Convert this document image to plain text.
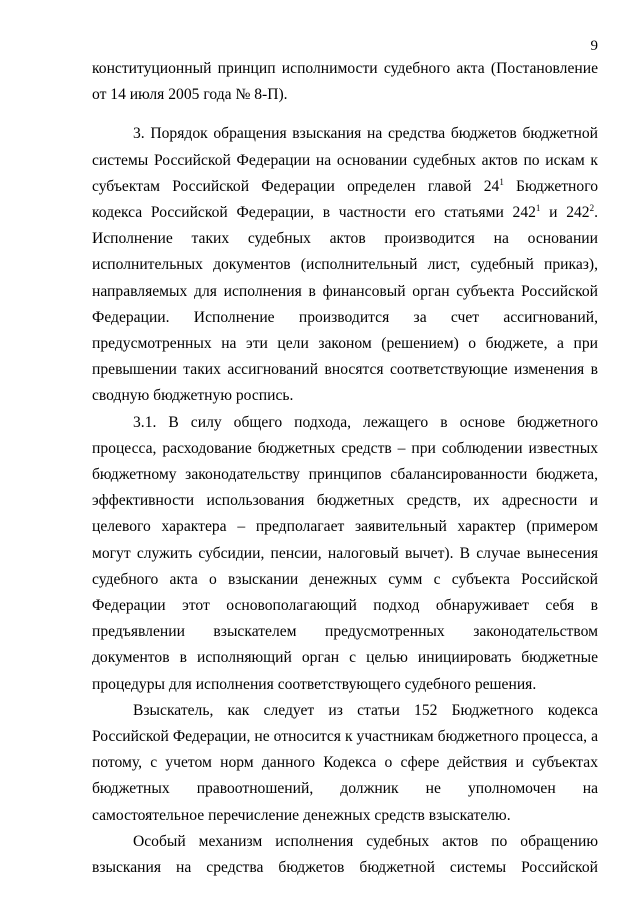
9

конституционный принцип исполнимости судебного акта (Постановление от 14 июля 2005 года № 8-П).

3. Порядок обращения взыскания на средства бюджетов бюджетной системы Российской Федерации на основании судебных актов по искам к субъектам Российской Федерации определен главой $24^1$ Бюджетного кодекса Российской Федерации, в частности его статьями $242^1$ и $242^2$. Исполнение таких судебных актов производится на основании исполнительных документов (исполнительный лист, судебный приказ), направляемых для исполнения в финансовый орган субъекта Российской Федерации. Исполнение производится за счет ассигнований, предусмотренных на эти цели законом (решением) о бюджете, а при превышении таких ассигнований вносятся соответствующие изменения в сводную бюджетную роспись.

3.1. В силу общего подхода, лежащего в основе бюджетного процесса, расходование бюджетных средств – при соблюдении известных бюджетному законодательству принципов сбалансированности бюджета, эффективности использования бюджетных средств, их адресности и целевого характера – предполагает заявительный характер (примером могут служить субсидии, пенсии, налоговый вычет). В случае вынесения судебного акта о взыскании денежных сумм с субъекта Российской Федерации этот основополагающий подход обнаруживает себя в предъявлении взыскателем предусмотренных законодательством документов в исполняющий орган с целью инициировать бюджетные процедуры для исполнения соответствующего судебного решения.

Взыскатель, как следует из статьи 152 Бюджетного кодекса Российской Федерации, не относится к участникам бюджетного процесса, а потому, с учетом норм данного Кодекса о сфере действия и субъектах бюджетных правоотношений, должник не уполномочен на самостоятельное перечисление денежных средств взыскателю.

Особый механизм исполнения судебных актов по обращению взыскания на средства бюджетов бюджетной системы Российской
